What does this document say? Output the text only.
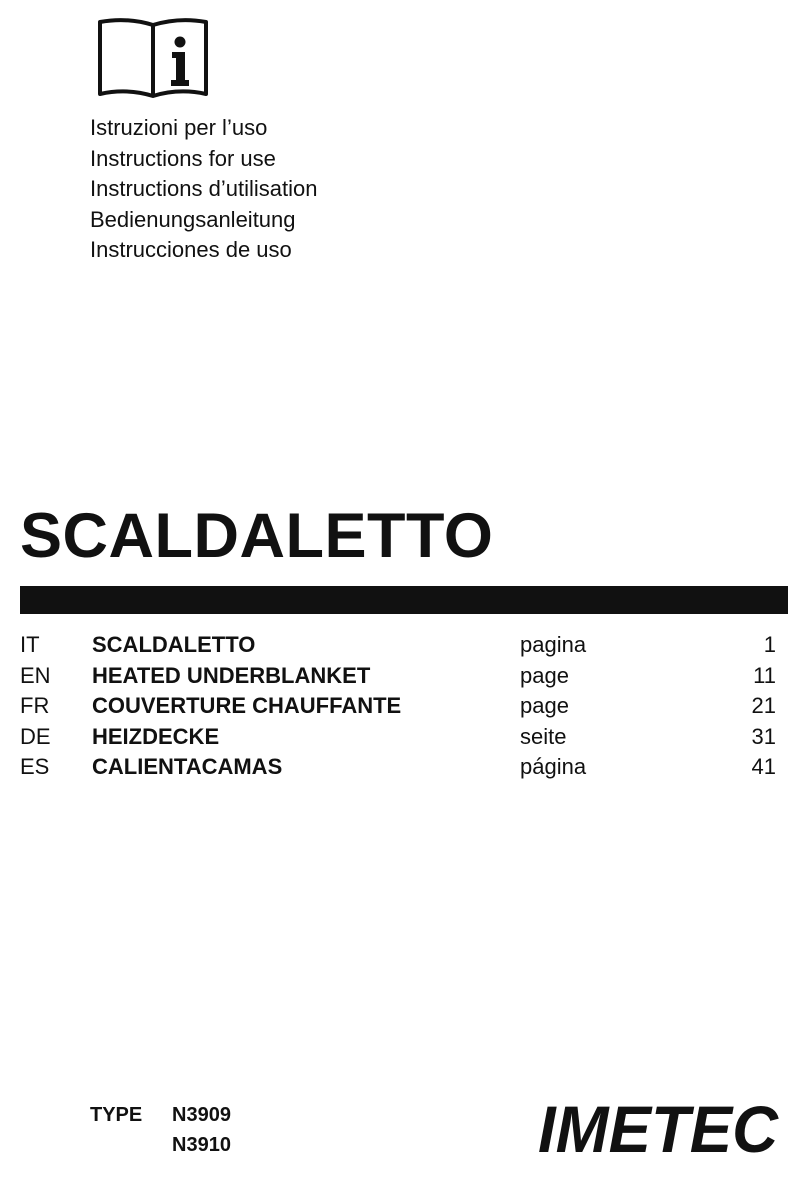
Istruzioni per l’uso
Instructions for use
Instructions d’utilisation
Bedienungsanleitung
Instrucciones de uso
SCALDALETTO
IT SCALDALETTO	pagina	1
EN HEATED UNDERBLANKET	page	11
FR COUVERTURE CHAUFFANTE	page	21
DE HEIZDECKE	seite	31
ES CALIENTACAMAS	página	41
TYPE N3909
N3910	IMETEC
